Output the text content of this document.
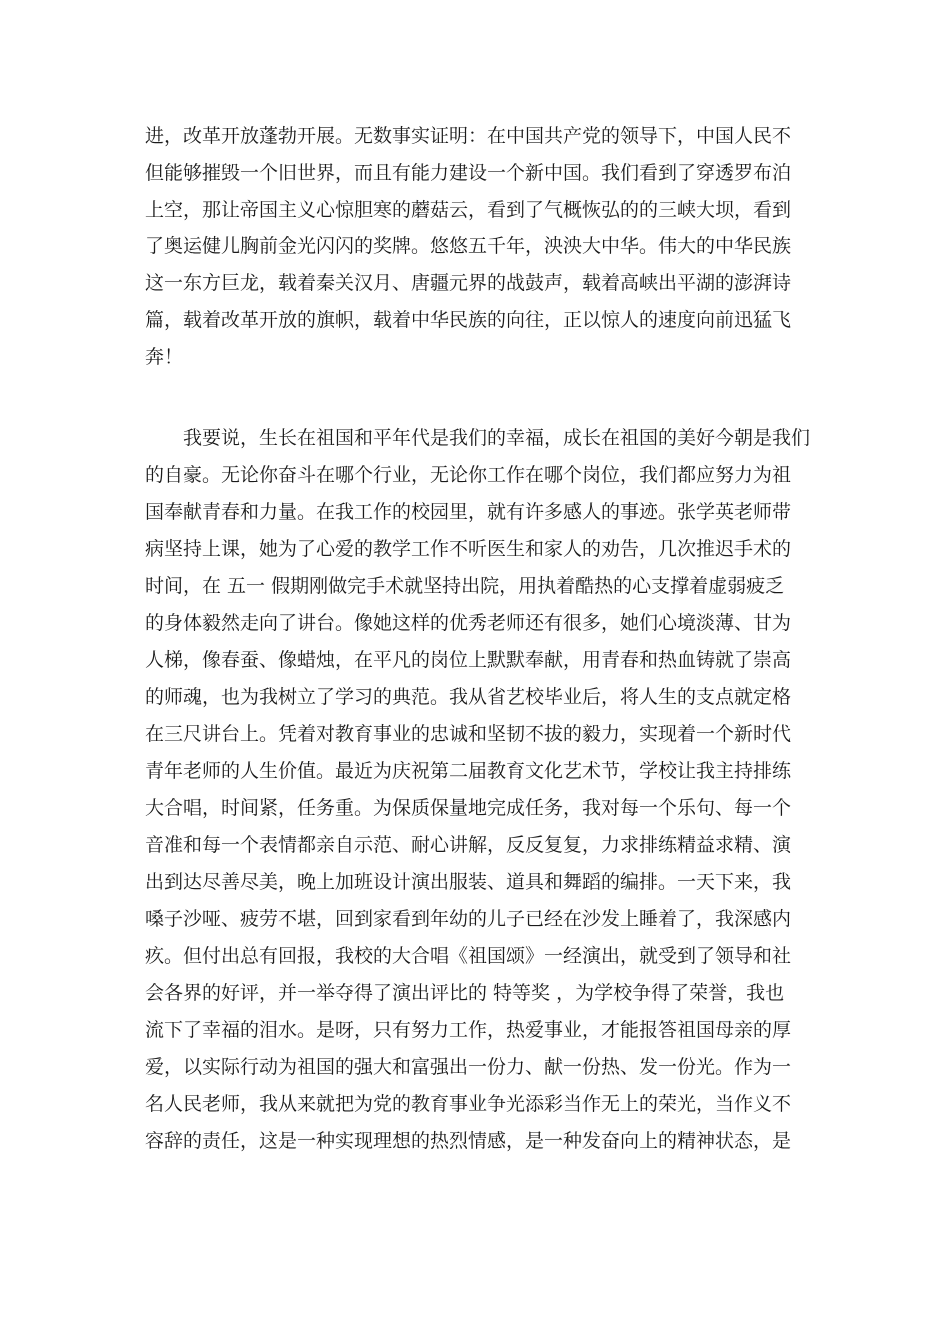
进，改革开放蓬勃开展。无数事实证明：在中国共产党的领导下，中国人民不
但能够摧毁一个旧世界，而且有能力建设一个新中国。我们看到了穿透罗布泊
上空，那让帝国主义心惊胆寒的蘑菇云，看到了气概恢弘的的三峡大坝，看到
了奥运健儿胸前金光闪闪的奖牌。悠悠五千年，泱泱大中华。伟大的中华民族
这一东方巨龙，载着秦关汉月、唐疆元界的战鼓声，载着高峡出平湖的澎湃诗
篇，载着改革开放的旗帜，载着中华民族的向往，正以惊人的速度向前迅猛飞
奔！
　　我要说，生长在祖国和平年代是我们的幸福，成长在祖国的美好今朝是我们
的自豪。无论你奋斗在哪个行业，无论你工作在哪个岗位，我们都应努力为祖
国奉献青春和力量。在我工作的校园里，就有许多感人的事迹。张学英老师带
病坚持上课，她为了心爱的教学工作不听医生和家人的劝告，几次推迟手术的
时间，在 五一 假期刚做完手术就坚持出院，用执着酷热的心支撑着虚弱疲乏
的身体毅然走向了讲台。像她这样的优秀老师还有很多，她们心境淡薄、甘为
人梯，像春蚕、像蜡烛，在平凡的岗位上默默奉献，用青春和热血铸就了崇高
的师魂，也为我树立了学习的典范。我从省艺校毕业后，将人生的支点就定格
在三尺讲台上。凭着对教育事业的忠诚和坚韧不拔的毅力，实现着一个新时代
青年老师的人生价值。最近为庆祝第二届教育文化艺术节，学校让我主持排练
大合唱，时间紧，任务重。为保质保量地完成任务，我对每一个乐句、每一个
音准和每一个表情都亲自示范、耐心讲解，反反复复，力求排练精益求精、演
出到达尽善尽美，晚上加班设计演出服装、道具和舞蹈的编排。一天下来，我
嗓子沙哑、疲劳不堪，回到家看到年幼的儿子已经在沙发上睡着了，我深感内
疚。但付出总有回报，我校的大合唱《祖国颂》一经演出，就受到了领导和社
会各界的好评，并一举夺得了演出评比的 特等奖 ，为学校争得了荣誉，我也
流下了幸福的泪水。是呀，只有努力工作，热爱事业，才能报答祖国母亲的厚
爱，以实际行动为祖国的强大和富强出一份力、献一份热、发一份光。作为一
名人民老师，我从来就把为党的教育事业争光添彩当作无上的荣光，当作义不
容辞的责任，这是一种实现理想的热烈情感，是一种发奋向上的精神状态，是
